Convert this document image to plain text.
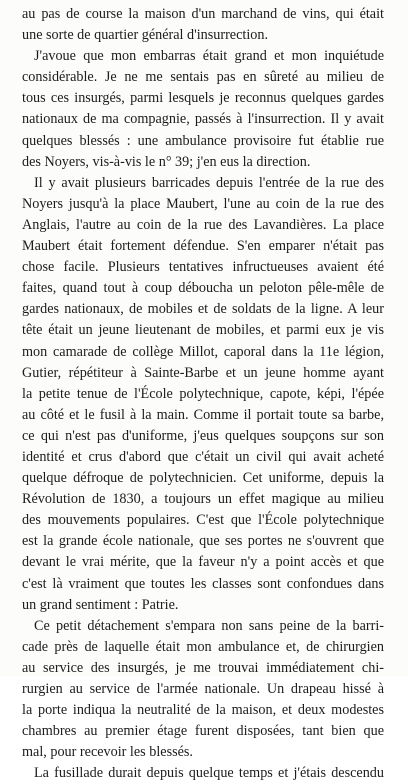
au pas de course la maison d'un marchand de vins, qui était
une sorte de quartier général d'insurrection.

J'avoue que mon embarras était grand et mon inquiétude
considérable. Je ne me sentais pas en sûreté au milieu de
tous ces insurgés, parmi lesquels je reconnus quelques gardes
nationaux de ma compagnie, passés à l'insurrection. Il y avait
quelques blessés : une ambulance provisoire fut établie rue
des Noyers, vis-à-vis le n° 39; j'en eus la direction.

Il y avait plusieurs barricades depuis l'entrée de la rue des
Noyers jusqu'à la place Maubert, l'une au coin de la rue des
Anglais, l'autre au coin de la rue des Lavandières. La place
Maubert était fortement défendue. S'en emparer n'était pas
chose facile. Plusieurs tentatives infructueuses avaient été
faites, quand tout à coup déboucha un peloton pêle-mêle de
gardes nationaux, de mobiles et de soldats de la ligne. A leur
tête était un jeune lieutenant de mobiles, et parmi eux je vis
mon camarade de collège Millot, caporal dans la 11e légion,
Gutier, répétiteur à Sainte-Barbe et un jeune homme ayant
la petite tenue de l'École polytechnique, capote, képi, l'épée
au côté et le fusil à la main. Comme il portait toute sa barbe,
ce qui n'est pas d'uniforme, j'eus quelques soupçons sur son
identité et crus d'abord que c'était un civil qui avait acheté
quelque défroque de polytechnicien. Cet uniforme, depuis la
Révolution de 1830, a toujours un effet magique au milieu
des mouvements populaires. C'est que l'École polytechnique
est la grande école nationale, que ses portes ne s'ouvrent que
devant le vrai mérite, que la faveur n'y a point accès et que
c'est là vraiment que toutes les classes sont confondues dans
un grand sentiment : Patrie.

Ce petit détachement s'empara non sans peine de la barri-
cade près de laquelle était mon ambulance et, de chirurgien
au service des insurgés, je me trouvai immédiatement chi-
rurgien au service de l'armée nationale. Un drapeau hissé à
la porte indiqua la neutralité de la maison, et deux modestes
chambres au premier étage furent disposées, tant bien que
mal, pour recevoir les blessés.

La fusillade durait depuis quelque temps et j'étais descendu
